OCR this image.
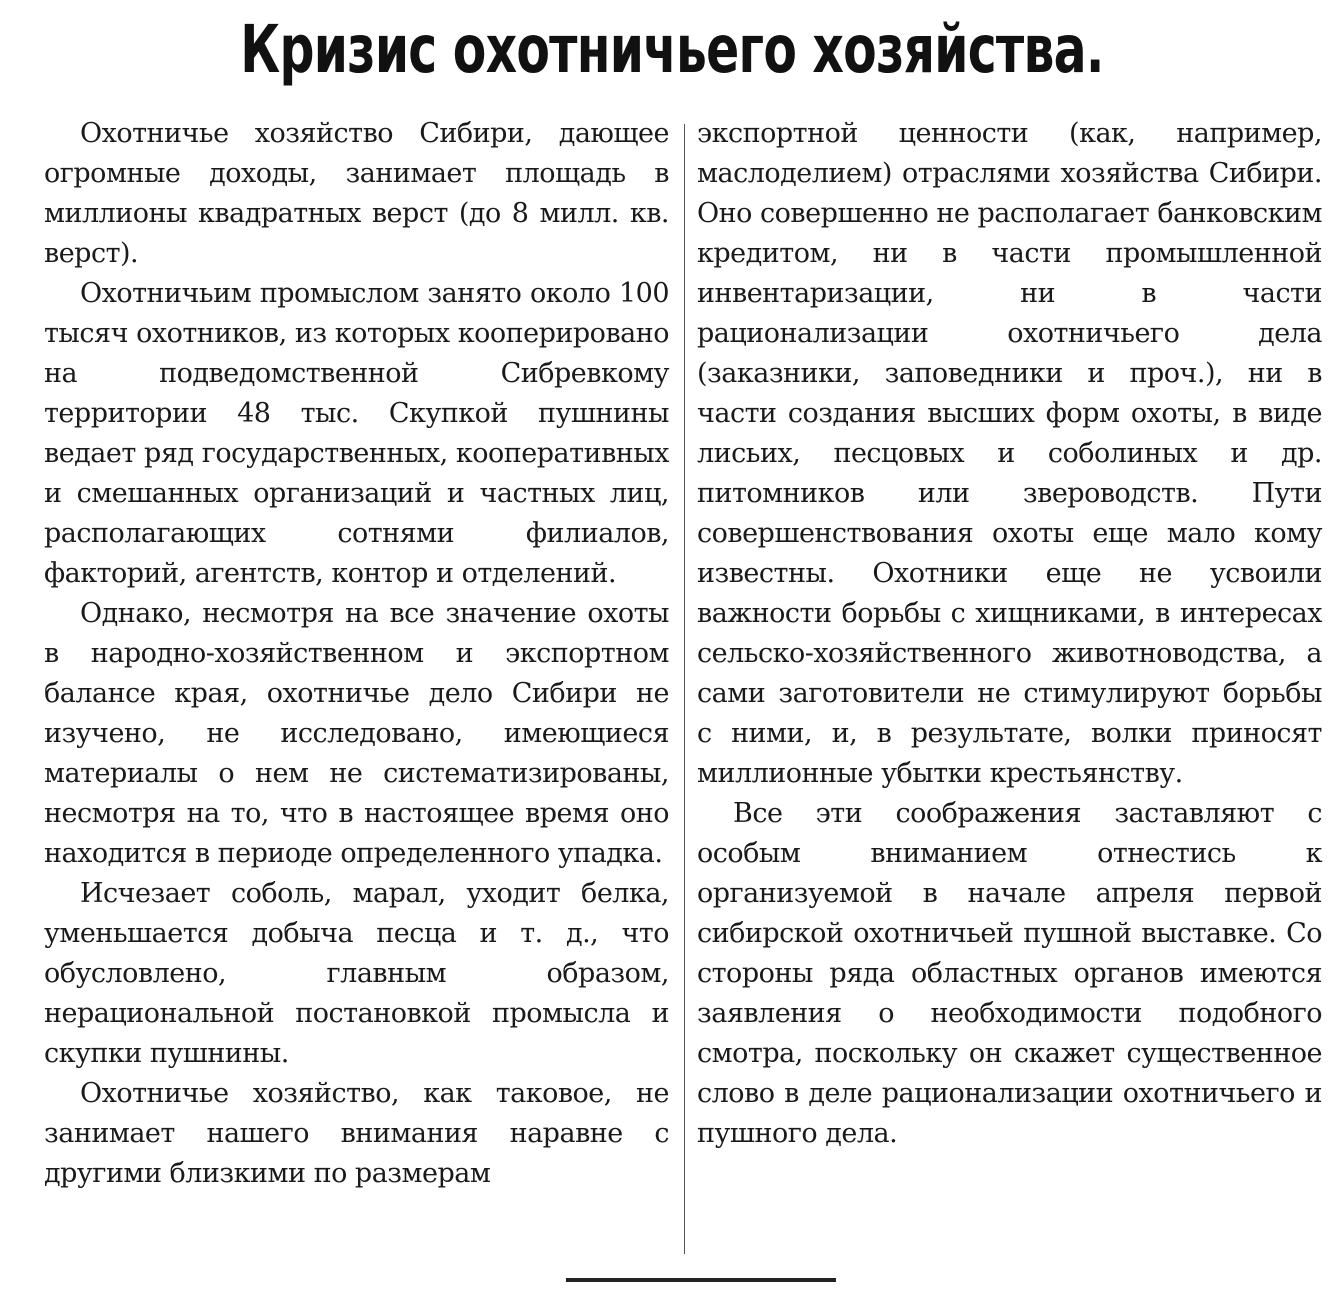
Кризис охотничьего хозяйства.

Охотничье хозяйство Сибири, дающее огромные доходы, занимает площадь в миллионы квадратных верст (до 8 милл. кв. верст).

Охотничьим промыслом занято около 100 тысяч охотников, из которых кооперировано на подведомственной Сибревкому территории 48 тыс. Скупкой пушнины ведает ряд государственных, кооперативных и смешанных организаций и частных лиц, располагающих сотнями филиалов, факторий, агентств, контор и отделений.

Однако, несмотря на все значение охоты в народно-хозяйственном и экспортном балансе края, охотничье дело Сибири не изучено, не исследовано, имеющиеся материалы о нем не систематизированы, несмотря на то, что в настоящее время оно находится в периоде определенного упадка.

Исчезает соболь, марал, уходит белка, уменьшается добыча песца и т. д., что обусловлено, главным образом, нерациональной постановкой промысла и скупки пушнины.

Охотничье хозяйство, как таковое, не занимает нашего внимания наравне с другими близкими по размерам

экспортной ценности (как, например, маслоделием) отраслями хозяйства Сибири. Оно совершенно не располагает банковским кредитом, ни в части промышленной инвентаризации, ни в части рационализации охотничьего дела (заказники, заповедники и проч.), ни в части создания высших форм охоты, в виде лисьих, песцовых и соболиных и др. питомников или звероводств. Пути совершенствования охоты еще мало кому известны. Охотники еще не усвоили важности борьбы с хищниками, в интересах сельско-хозяйственного животноводства, а сами заготовители не стимулируют борьбы с ними, и, в результате, волки приносят миллионные убытки крестьянству.

Все эти соображения заставляют с особым вниманием отнестись к организуемой в начале апреля первой сибирской охотничьей пушной выставке. Со стороны ряда областных органов имеются заявления о необходимости подобного смотра, поскольку он скажет существенное слово в деле рационализации охотничьего и пушного дела.
